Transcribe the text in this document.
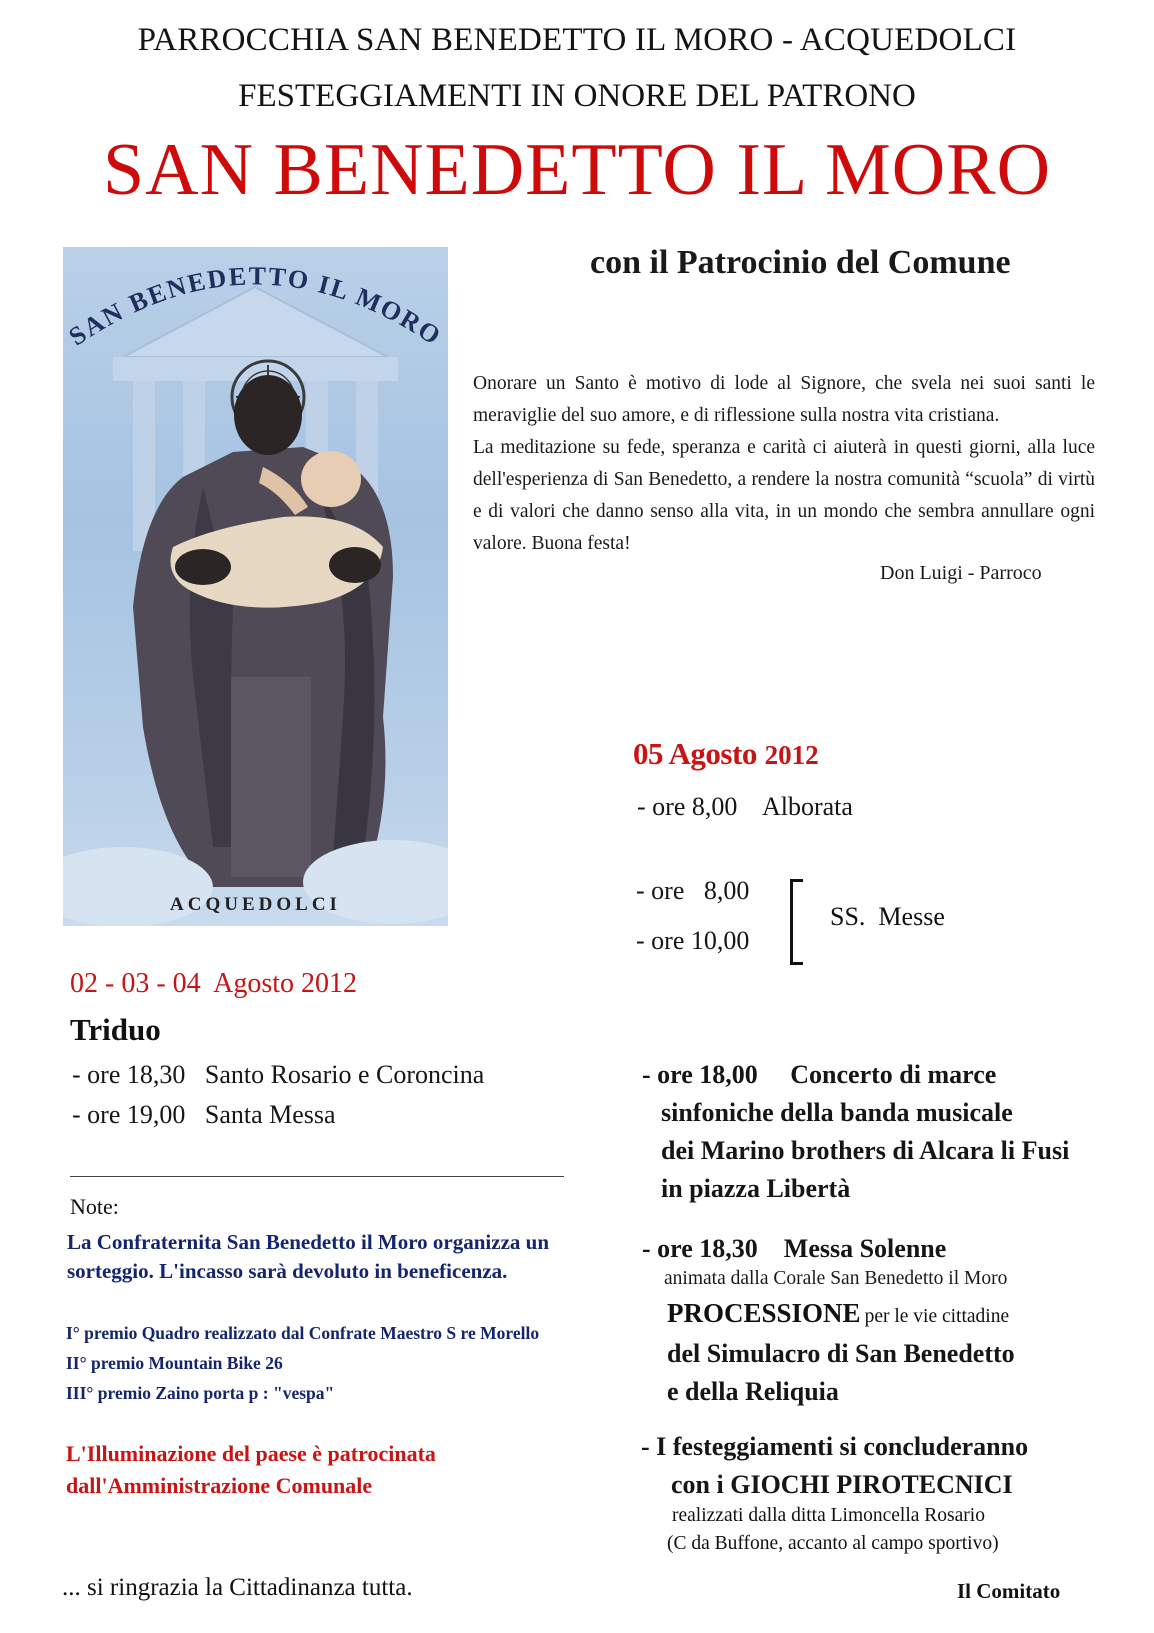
PARROCCHIA SAN BENEDETTO IL MORO - ACQUEDOLCI
FESTEGGIAMENTI IN ONORE DEL PATRONO
SAN BENEDETTO IL MORO
con il Patrocinio del Comune
SAN BENEDETTO IL MORO
ACQUEDOLCI

Onorare un Santo è motivo di lode al Signore, che svela nei suoi santi le meraviglie del suo amore, e di riflessione sulla nostra vita cristiana.

La meditazione su fede, speranza e carità ci aiuterà in questi giorni, alla luce dell'esperienza di San Benedetto, a rendere la nostra comunità “scuola” di virtù e di valori che danno senso alla vita, in un mondo che sembra annullare ogni valore. Buona festa!

Don Luigi - Parroco
05 Agosto 2012
- ore 8,00 Alborata
- ore   8,00
- ore 10,00
SS.  Messe
02 - 03 - 04  Agosto 2012
Triduo
- ore 18,30 Santo Rosario e Coroncina
- ore 19,00 Santa Messa
Note:
La Confraternita San Benedetto il Moro organizza un sorteggio. L'incasso sarà devoluto in beneficenza.
I° premio Quadro realizzato dal Confrate Maestro S re Morello
II° premio Mountain Bike 26
III° premio Zaino porta p : "vespa"
L'Illuminazione del paese è patrocinata
dall'Amministrazione Comunale
... si ringrazia la Cittadinanza tutta.
- ore 18,00 Concerto di marce
sinfoniche della banda musicale
dei Marino brothers di Alcara li Fusi
in piazza Libertà
- ore 18,30 Messa Solenne
animata dalla Corale San Benedetto il Moro
PROCESSIONE per le vie cittadine
del Simulacro di San Benedetto
e della Reliquia
- I festeggiamenti si concluderanno
con i GIOCHI PIROTECNICI
realizzati dalla ditta Limoncella Rosario
(C da Buffone, accanto al campo sportivo)
Il Comitato
